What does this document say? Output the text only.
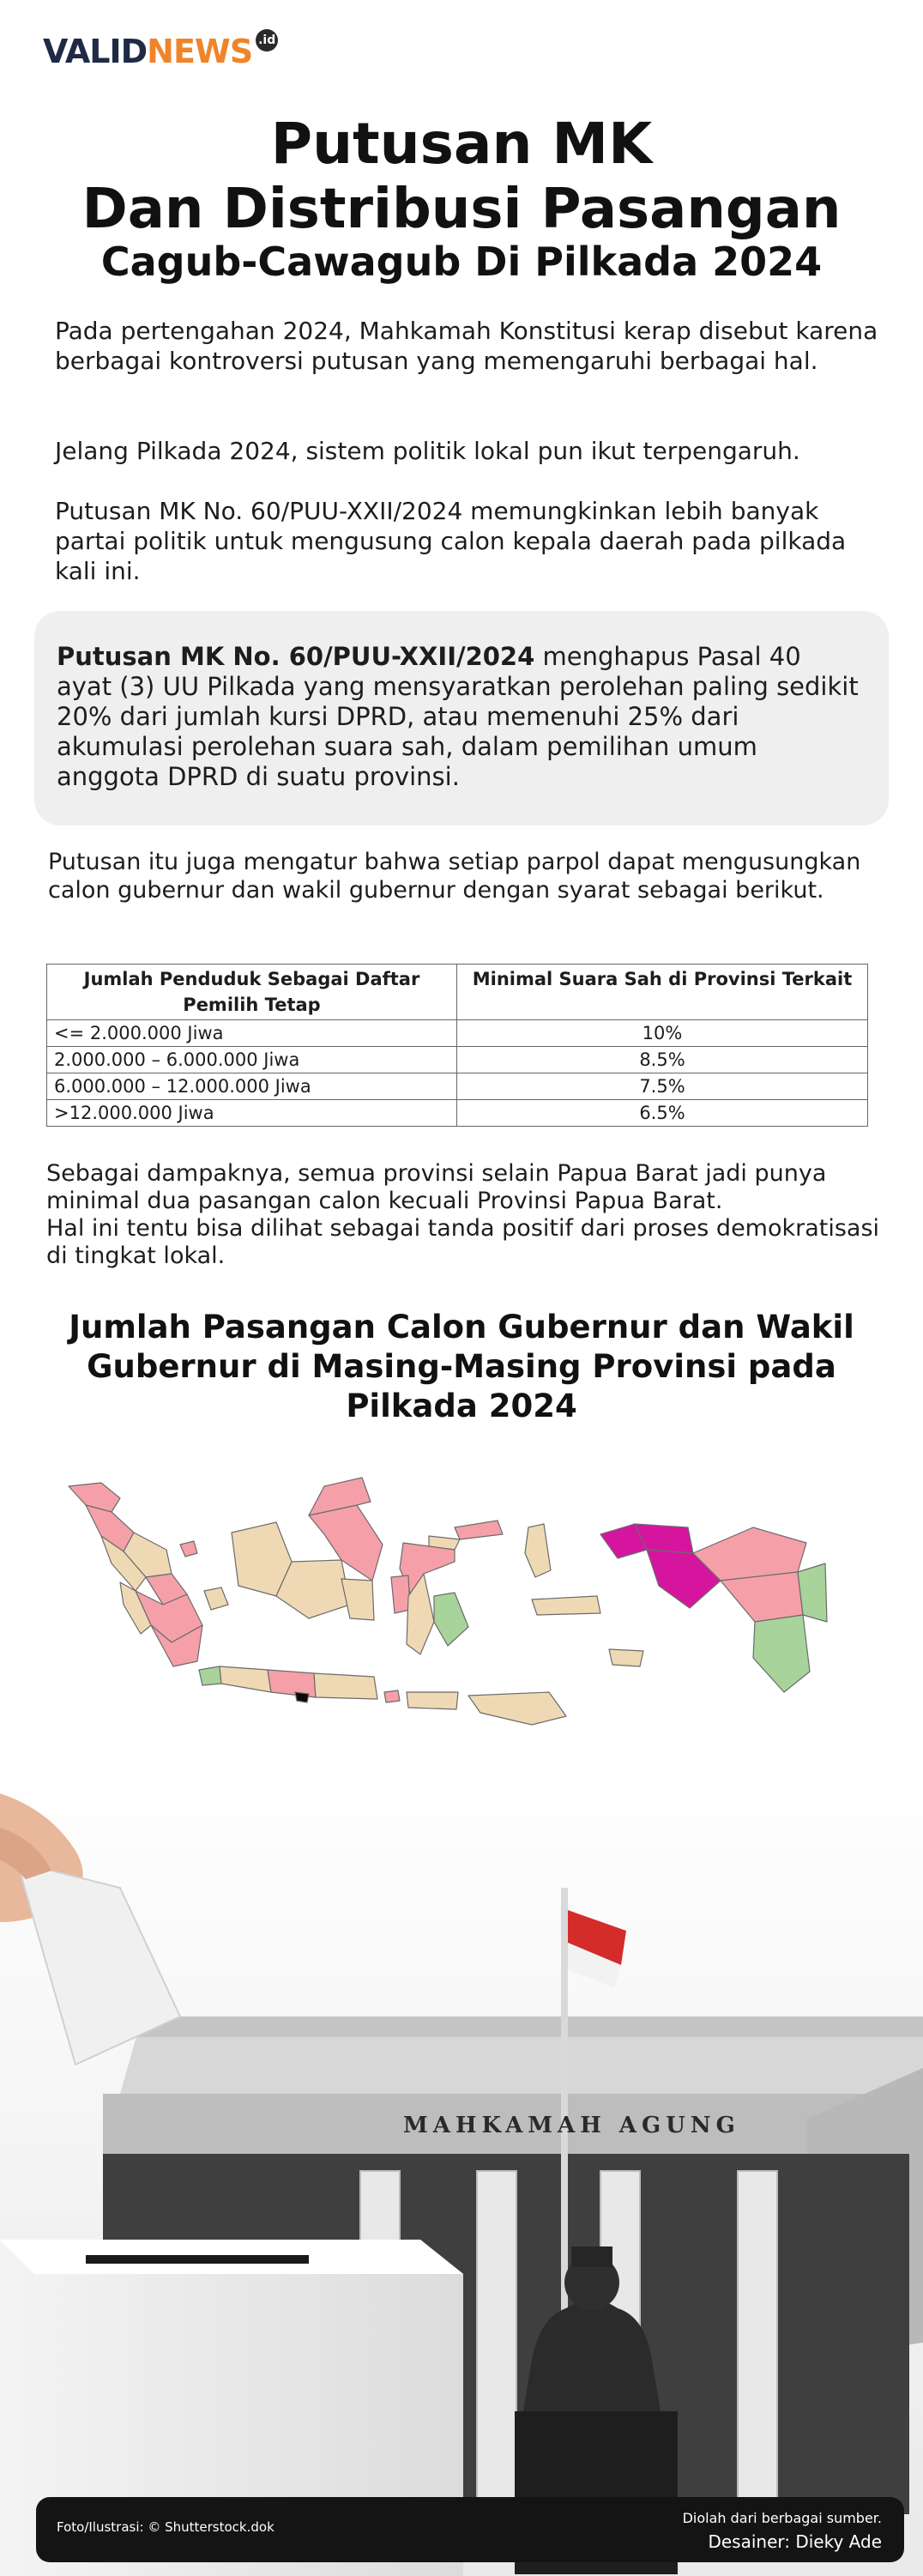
VALID NEWS .id
Putusan MK
Dan Distribusi Pasangan
Cagub-Cawagub Di Pilkada 2024
Pada pertengahan 2024, Mahkamah Konstitusi kerap disebut karena berbagai kontroversi putusan yang memengaruhi berbagai hal.
Jelang Pilkada 2024, sistem politik lokal pun ikut terpengaruh.
Putusan MK No. 60/PUU-XXII/2024 memungkinkan lebih banyak partai politik untuk mengusung calon kepala daerah pada pilkada kali ini.
Putusan MK No. 60/PUU-XXII/2024 menghapus Pasal 40 ayat (3) UU Pilkada yang mensyaratkan perolehan paling sedikit 20% dari jumlah kursi DPRD, atau memenuhi 25% dari akumulasi perolehan suara sah, dalam pemilihan umum anggota DPRD di suatu provinsi.
Putusan itu juga mengatur bahwa setiap parpol dapat mengusungkan calon gubernur dan wakil gubernur dengan syarat sebagai berikut.
Jumlah Penduduk Sebagai Daftar Pemilih Tetap	Minimal Suara Sah di Provinsi Terkait
<= 2.000.000 Jiwa	10%
2.000.000 – 6.000.000 Jiwa	8.5%
6.000.000 – 12.000.000 Jiwa	7.5%
>12.000.000 Jiwa	6.5%
Sebagai dampaknya, semua provinsi selain Papua Barat jadi punya minimal dua pasangan calon kecuali Provinsi Papua Barat.
Hal ini tentu bisa dilihat sebagai tanda positif dari proses demokratisasi di tingkat lokal.
Jumlah Pasangan Calon Gubernur dan Wakil Gubernur di Masing-Masing Provinsi pada Pilkada 2024
MAHKAMAH AGUNG
Foto/Ilustrasi: © Shutterstock.dok
Diolah dari berbagai sumber.
Desainer: Dieky Ade
